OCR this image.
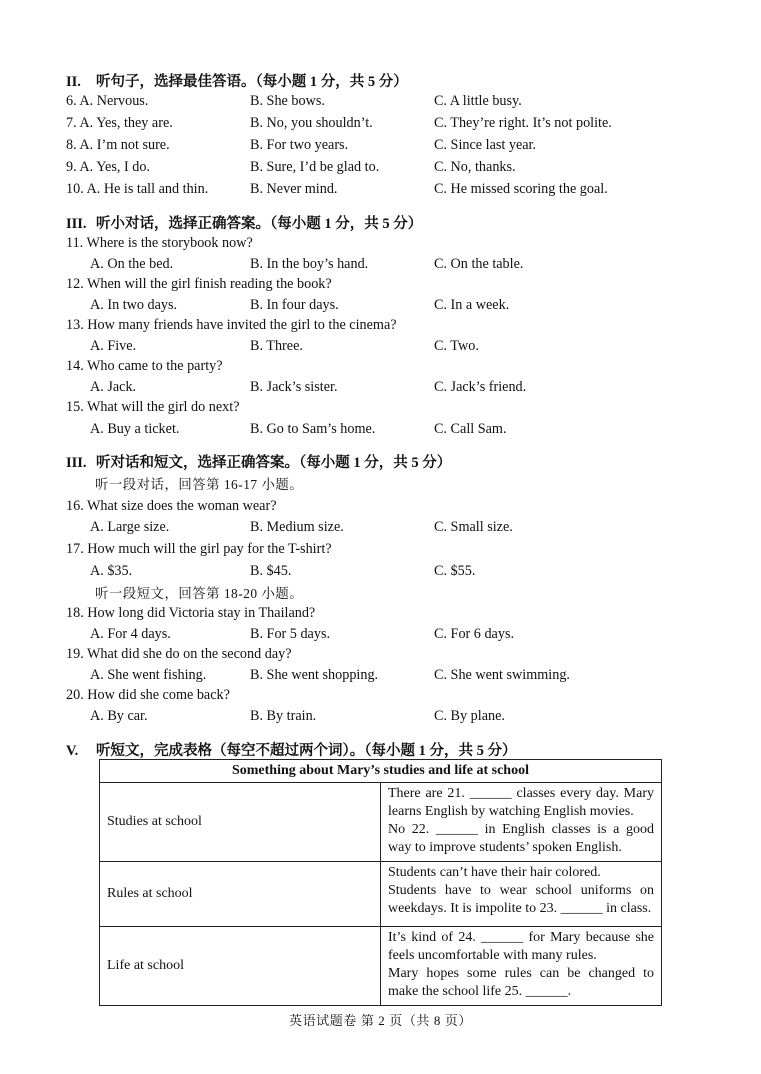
II. 听句子，选择最佳答语。（每小题 1 分，共 5 分）
6. A. Nervous.	B. She bows.	C. A little busy.
7. A. Yes, they are.	B. No, you shouldn’t.	C. They’re right. It’s not polite.
8. A. I’m not sure.	B. For two years.	C. Since last year.
9. A. Yes, I do.	B. Sure, I’d be glad to.	C. No, thanks.
10. A. He is tall and thin.	B. Never mind.	C. He missed scoring the goal.
III. 听小对话，选择正确答案。（每小题 1 分，共 5 分）
11. Where is the storybook now?
A. On the bed.	B. In the boy’s hand.	C. On the table.
12. When will the girl finish reading the book?
A. In two days.	B. In four days.	C. In a week.
13. How many friends have invited the girl to the cinema?
A. Five.	B. Three.	C. Two.
14. Who came to the party?
A. Jack.	B. Jack’s sister.	C. Jack’s friend.
15. What will the girl do next?
A. Buy a ticket.	B. Go to Sam’s home.	C. Call Sam.
III. 听对话和短文，选择正确答案。（每小题 1 分，共 5 分）
听一段对话，回答第 16-17 小题。
16. What size does the woman wear?
A. Large size.	B. Medium size.	C. Small size.
17. How much will the girl pay for the T-shirt?
A. $35.	B. $45.	C. $55.
听一段短文，回答第 18-20 小题。
18. How long did Victoria stay in Thailand?
A. For 4 days.	B. For 5 days.	C. For 6 days.
19. What did she do on the second day?
A. She went fishing.	B. She went shopping.	C. She went swimming.
20. How did she come back?
A. By car.	B. By train.	C. By plane.
V. 听短文，完成表格（每空不超过两个词）。（每小题 1 分，共 5 分）
Something about Mary’s studies and life at school	
Studies at school	There are 21. ______ classes every day. Mary learns English by watching English movies.
No 22. ______ in English classes is a good way to improve students’ spoken English.

Rules at school	Students can’t have their hair colored.
Students have to wear school uniforms on weekdays. It is impolite to 23. ______ in class.

Life at school	It’s kind of 24. ______ for Mary because she feels uncomfortable with many rules.
Mary hopes some rules can be changed to make the school life 25. ______.
英语试题卷 第 2 页（共 8 页）
